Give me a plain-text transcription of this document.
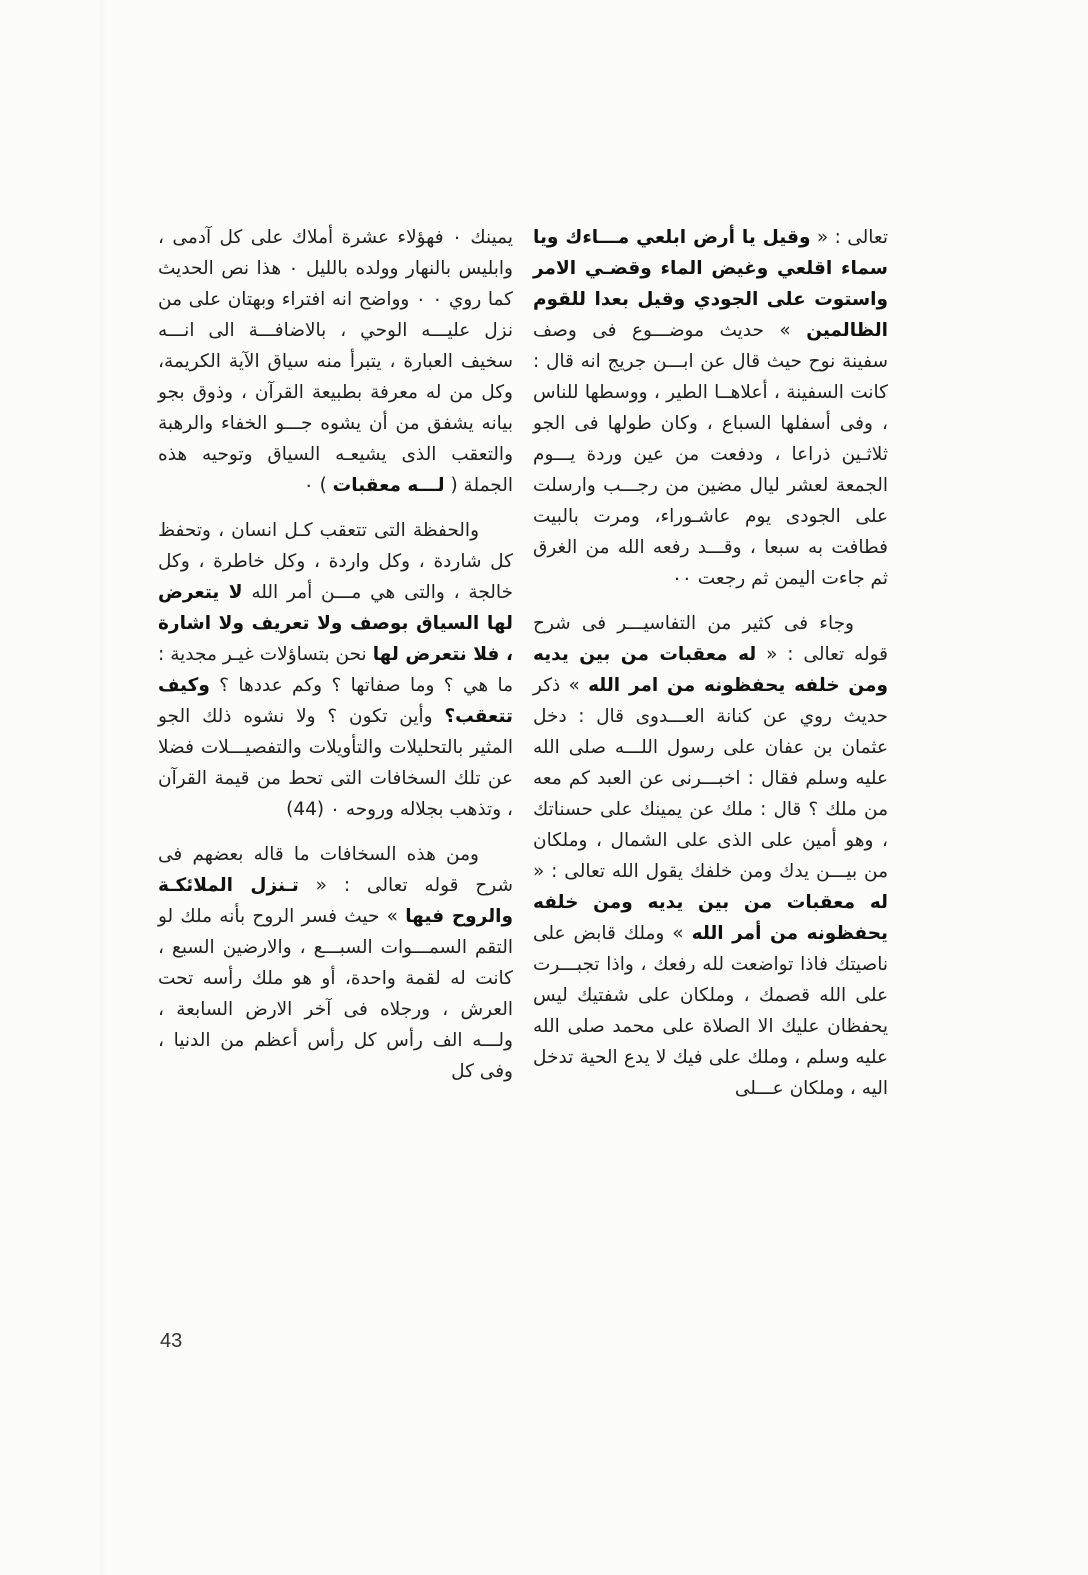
تعالى : « وقيل يا أرض ابلعي مـــاءك ويا سماء اقلعي وغيض الماء وقضـي الامر واستوت على الجودي وقيل بعدا للقوم الظالمين » حديث موضـــوع فى وصف سفينة نوح حيث قال عن ابـــن جريج انه قال : كانت السفينة ، أعلاهــا الطير ، ووسطها للناس ، وفى أسفلها السباع ، وكان طولها فى الجو ثلاثـين ذراعا ، ودفعت من عين وردة يـــوم الجمعة لعشر ليال مضين من رجـــب وارسلت على الجودى يوم عاشـوراء، ومرت بالبيت فطافت به سبعا ، وقـــد رفعه الله من الغرق ثم جاءت اليمن ثم رجعت ٠٠

وجاء فى كثير من التفاسيـــر فى شرح قوله تعالى : « له معقبات من بين يديه ومن خلفه يحفظونه من امر الله » ذكر حديث روي عن كنانة العـــدوى قال : دخل عثمان بن عفان على رسول اللـــه صلى الله عليه وسلم فقال : اخبـــرنى عن العبد كم معه من ملك ؟ قال : ملك عن يمينك على حسناتك ، وهو أمين على الذى على الشمال ، وملكان من بيـــن يدك ومن خلفك يقول الله تعالى : « له معقبات من بين يديه ومن خلفه يحفظونه من أمر الله » وملك قابض على ناصيتك فاذا تواضعت لله رفعك ، واذا تجبـــرت على الله قصمك ، وملكان على شفتيك ليس يحفظان عليك الا الصلاة على محمد صلى الله عليه وسلم ، وملك على فيك لا يدع الحية تدخل اليه ، وملكان عـــلى

يمينك ٠ فهؤلاء عشرة أملاك على كل آدمى ، وابليس بالنهار وولده بالليل ٠ هذا نص الحديث كما روي ٠ ٠ وواضح انه افتراء وبهتان على من نزل عليـــه الوحي ، بالاضافـــة الى انـــه سخيف العبارة ، يتبرأ منه سياق الآية الكريمة، وكل من له معرفة بطبيعة القرآن ، وذوق بجو بيانه يشفق من أن يشوه جـــو الخفاء والرهبة والتعقب الذى يشيعـه السياق وتوحيه هذه الجملة ( لـــه معقبات ) ٠

والحفظة التى تتعقب كـل انسان ، وتحفظ كل شاردة ، وكل واردة ، وكل خاطرة ، وكل خالجة ، والتى هي مـــن أمر الله لا يتعرض لها السياق بوصف ولا تعريف ولا اشارة ، فلا نتعرض لها نحن بتساؤلات غيـر مجدية : ما هي ؟ وما صفاتها ؟ وكم عددها ؟ وكيف تتعقب؟ وأين تكون ؟ ولا نشوه ذلك الجو المثير بالتحليلات والتأويلات والتفصيـــلات فضلا عن تلك السخافات التى تحط من قيمة القرآن ، وتذهب بجلاله وروحه ٠ (44)

ومن هذه السخافات ما قاله بعضهم فى شرح قوله تعالى : « تـنزل الملائكـة والروح فيها » حيث فسر الروح بأنه ملك لو التقم السمـــوات السبـــع ، والارضين السبع ، كانت له لقمة واحدة، أو هو ملك رأسه تحت العرش ، ورجلاه فى آخر الارض السابعة ، ولـــه الف رأس كل رأس أعظم من الدنيا ، وفى كل

43
